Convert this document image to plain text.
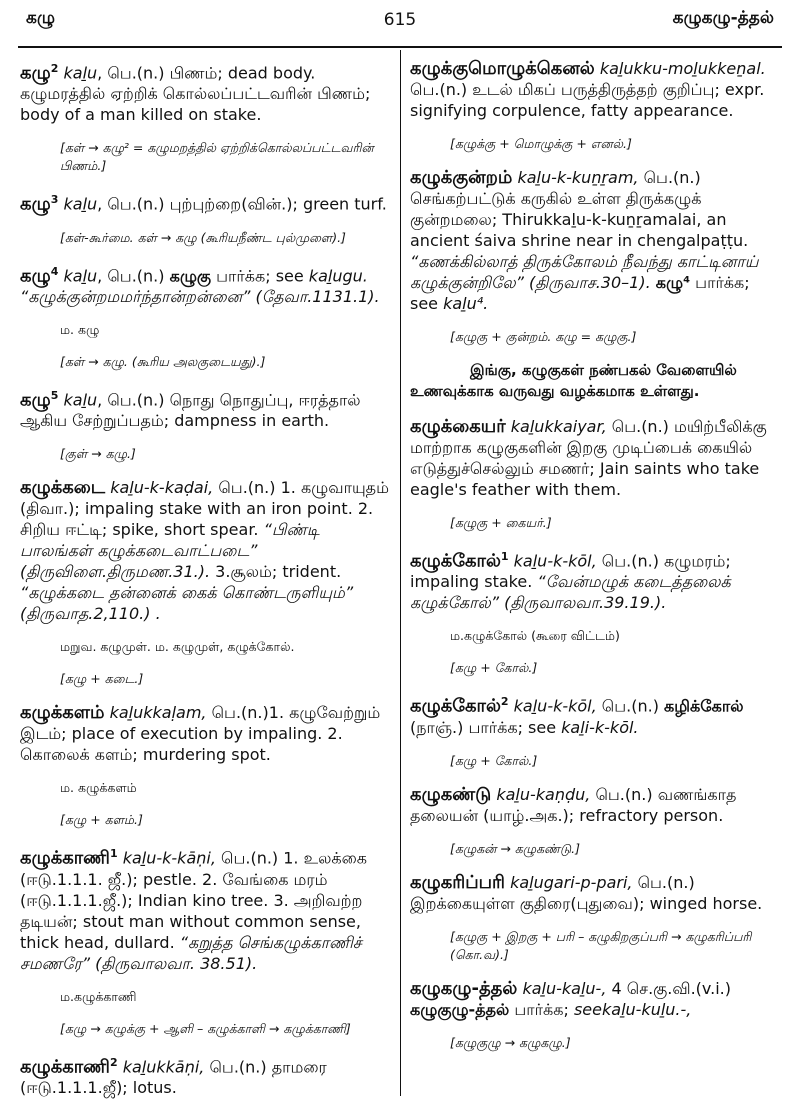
கழு	615	கழுகழு-த்தல்
கழு$^2$ kaḻu, பெ.(n.) பிணம்; dead body. கழுமரத்தில் ஏற்றிக் கொல்லப்பட்டவரின் பிணம்; body of a man killed on stake.
[கள் → கழு² = கழுமறத்தில் ஏற்றிக்கொல்லப்பட்டவரின் பிணம்.]
கழு$^3$ kaḻu, பெ.(n.) புற்புற்றை(வின்.); green turf.
[கள்-கூர்மை. கள் → கழு (கூரியநீண்ட புல்முளை).]
கழு$^4$ kaḻu, பெ.(n.) கழுகு பார்க்க; see kaḻugu. “கழுக்குன்றமமர்ந்தான்றன்னை” (தேவா.1131.1).
ம. கழு
[கள் → கழு. (கூரிய அலகுடையது).]
கழு$^5$ kaḻu, பெ.(n.) நொது நொதுப்பு, ஈரத்தால் ஆகிய சேற்றுப்பதம்; dampness in earth.
[குள் → கழு.]
கழுக்கடை kaḻu-k-kaḍai, பெ.(n.) 1. கழுவாயுதம் (திவா.); impaling stake with an iron point. 2. சிறிய ஈட்டி; spike, short spear. “பிண்டி பாலங்கள் கழுக்கடைவாட்படை” (திருவிளை.திருமண.31.). 3.சூலம்; trident. “கழுக்கடை தன்னைக் கைக் கொண்டருளியும்” (திருவாத.2,110.) .
மறுவ. கழுமுள். ம. கழுமுள், கழுக்கோல்.
[கழு + கடை.]
கழுக்களம் kaḻukkaḷam, பெ.(n.)1. கழுவேற்றும் இடம்; place of execution by impaling. 2. கொலைக் களம்; murdering spot.
ம. கழுக்களம்
[கழு + களம்.]
கழுக்காணி$^1$ kaḻu-k-kāṇi, பெ.(n.) 1. உலக்கை (ஈடு.1.1.1. ஜீ.); pestle. 2. வேங்கை மரம் (ஈடு.1.1.1.ஜீ.); Indian kino tree. 3. அறிவற்ற தடியன்; stout man without common sense, thick head, dullard. “கறுத்த செங்கழுக்காணிச் சமணரே” (திருவாலவா. 38.51).
ம.கழுக்காணி
[கழு → கழுக்கு + ஆளி – கழுக்காளி → கழுக்காணி]
கழுக்காணி$^2$ kaḻukkāṇi, பெ.(n.) தாமரை (ஈடு.1.1.1.ஜீ); lotus.
கழுக்குமொழுக்கெனல் kaḻukku-moḻukkeṉal. பெ.(n.) உடல் மிகப் பருத்திருத்தற் குறிப்பு; expr. signifying corpulence, fatty appearance.
[கழுக்கு + மொழுக்கு + எனல்.]
கழுக்குன்றம் kaḻu-k-kuṉṟam, பெ.(n.) செங்கற்பட்டுக் கருகில் உள்ள திருக்கழுக் குன்றமலை; Thirukkaḻu-k-kuṉṟamalai, an ancient śaiva shrine near in chengalpaṭṭu. “கணக்கில்லாத் திருக்கோலம் நீவந்து காட்டினாய் கழுக்குன்றிலே” (திருவாச.30–1). கழு⁴ பார்க்க; see kaḻu⁴.
[கழுகு + குன்றம். கழு = கழுகு.]
இங்கு, கழுகுகள் நண்பகல் வேளையில் உணவுக்காக வருவது வழக்கமாக உள்ளது.
கழுக்கையர் kaḻukkaiyar, பெ.(n.) மயிற்பீலிக்கு மாற்றாக கழுகுகளின் இறகு முடிப்பைக் கையில் எடுத்துச்செல்லும் சமணர்; Jain saints who take eagle's feather with them.
[கழுகு + கையர்.]
கழுக்கோல்$^1$ kaḻu-k-kōl, பெ.(n.) கழுமரம்; impaling stake. “வேன்மழுக் கடைத்தலைக் கழுக்கோல்” (திருவாலவா.39.19.).
ம.கழுக்கோல் (கூரை விட்டம்)
[கழு + கோல்.]
கழுக்கோல்$^2$ kaḻu-k-kōl, பெ.(n.) கழிக்கோல் (நாஞ்.) பார்க்க; see kaḻi-k-kōl.
[கழு + கோல்.]
கழுகண்டு kaḻu-kaṇḍu, பெ.(n.) வணங்காத தலையன் (யாழ்.அக.); refractory person.
[கழுகன் → கழுகண்டு.]
கழுகரிப்பரி kaḻugari-p-pari, பெ.(n.) இறக்கையுள்ள குதிரை(புதுவை); winged horse.
[கழுகு + இறகு + பரி – கழுகிறகுப்பரி → கழுகரிப்பரி (கொ.வ).]
கழுகழு-த்தல் kaḻu-kaḻu-, 4 செ.கு.வி.(v.i.) கழுகுழு-த்தல் பார்க்க; seekaḻu-kuḻu.-,
[கழுகுழு → கழுகழு.]
